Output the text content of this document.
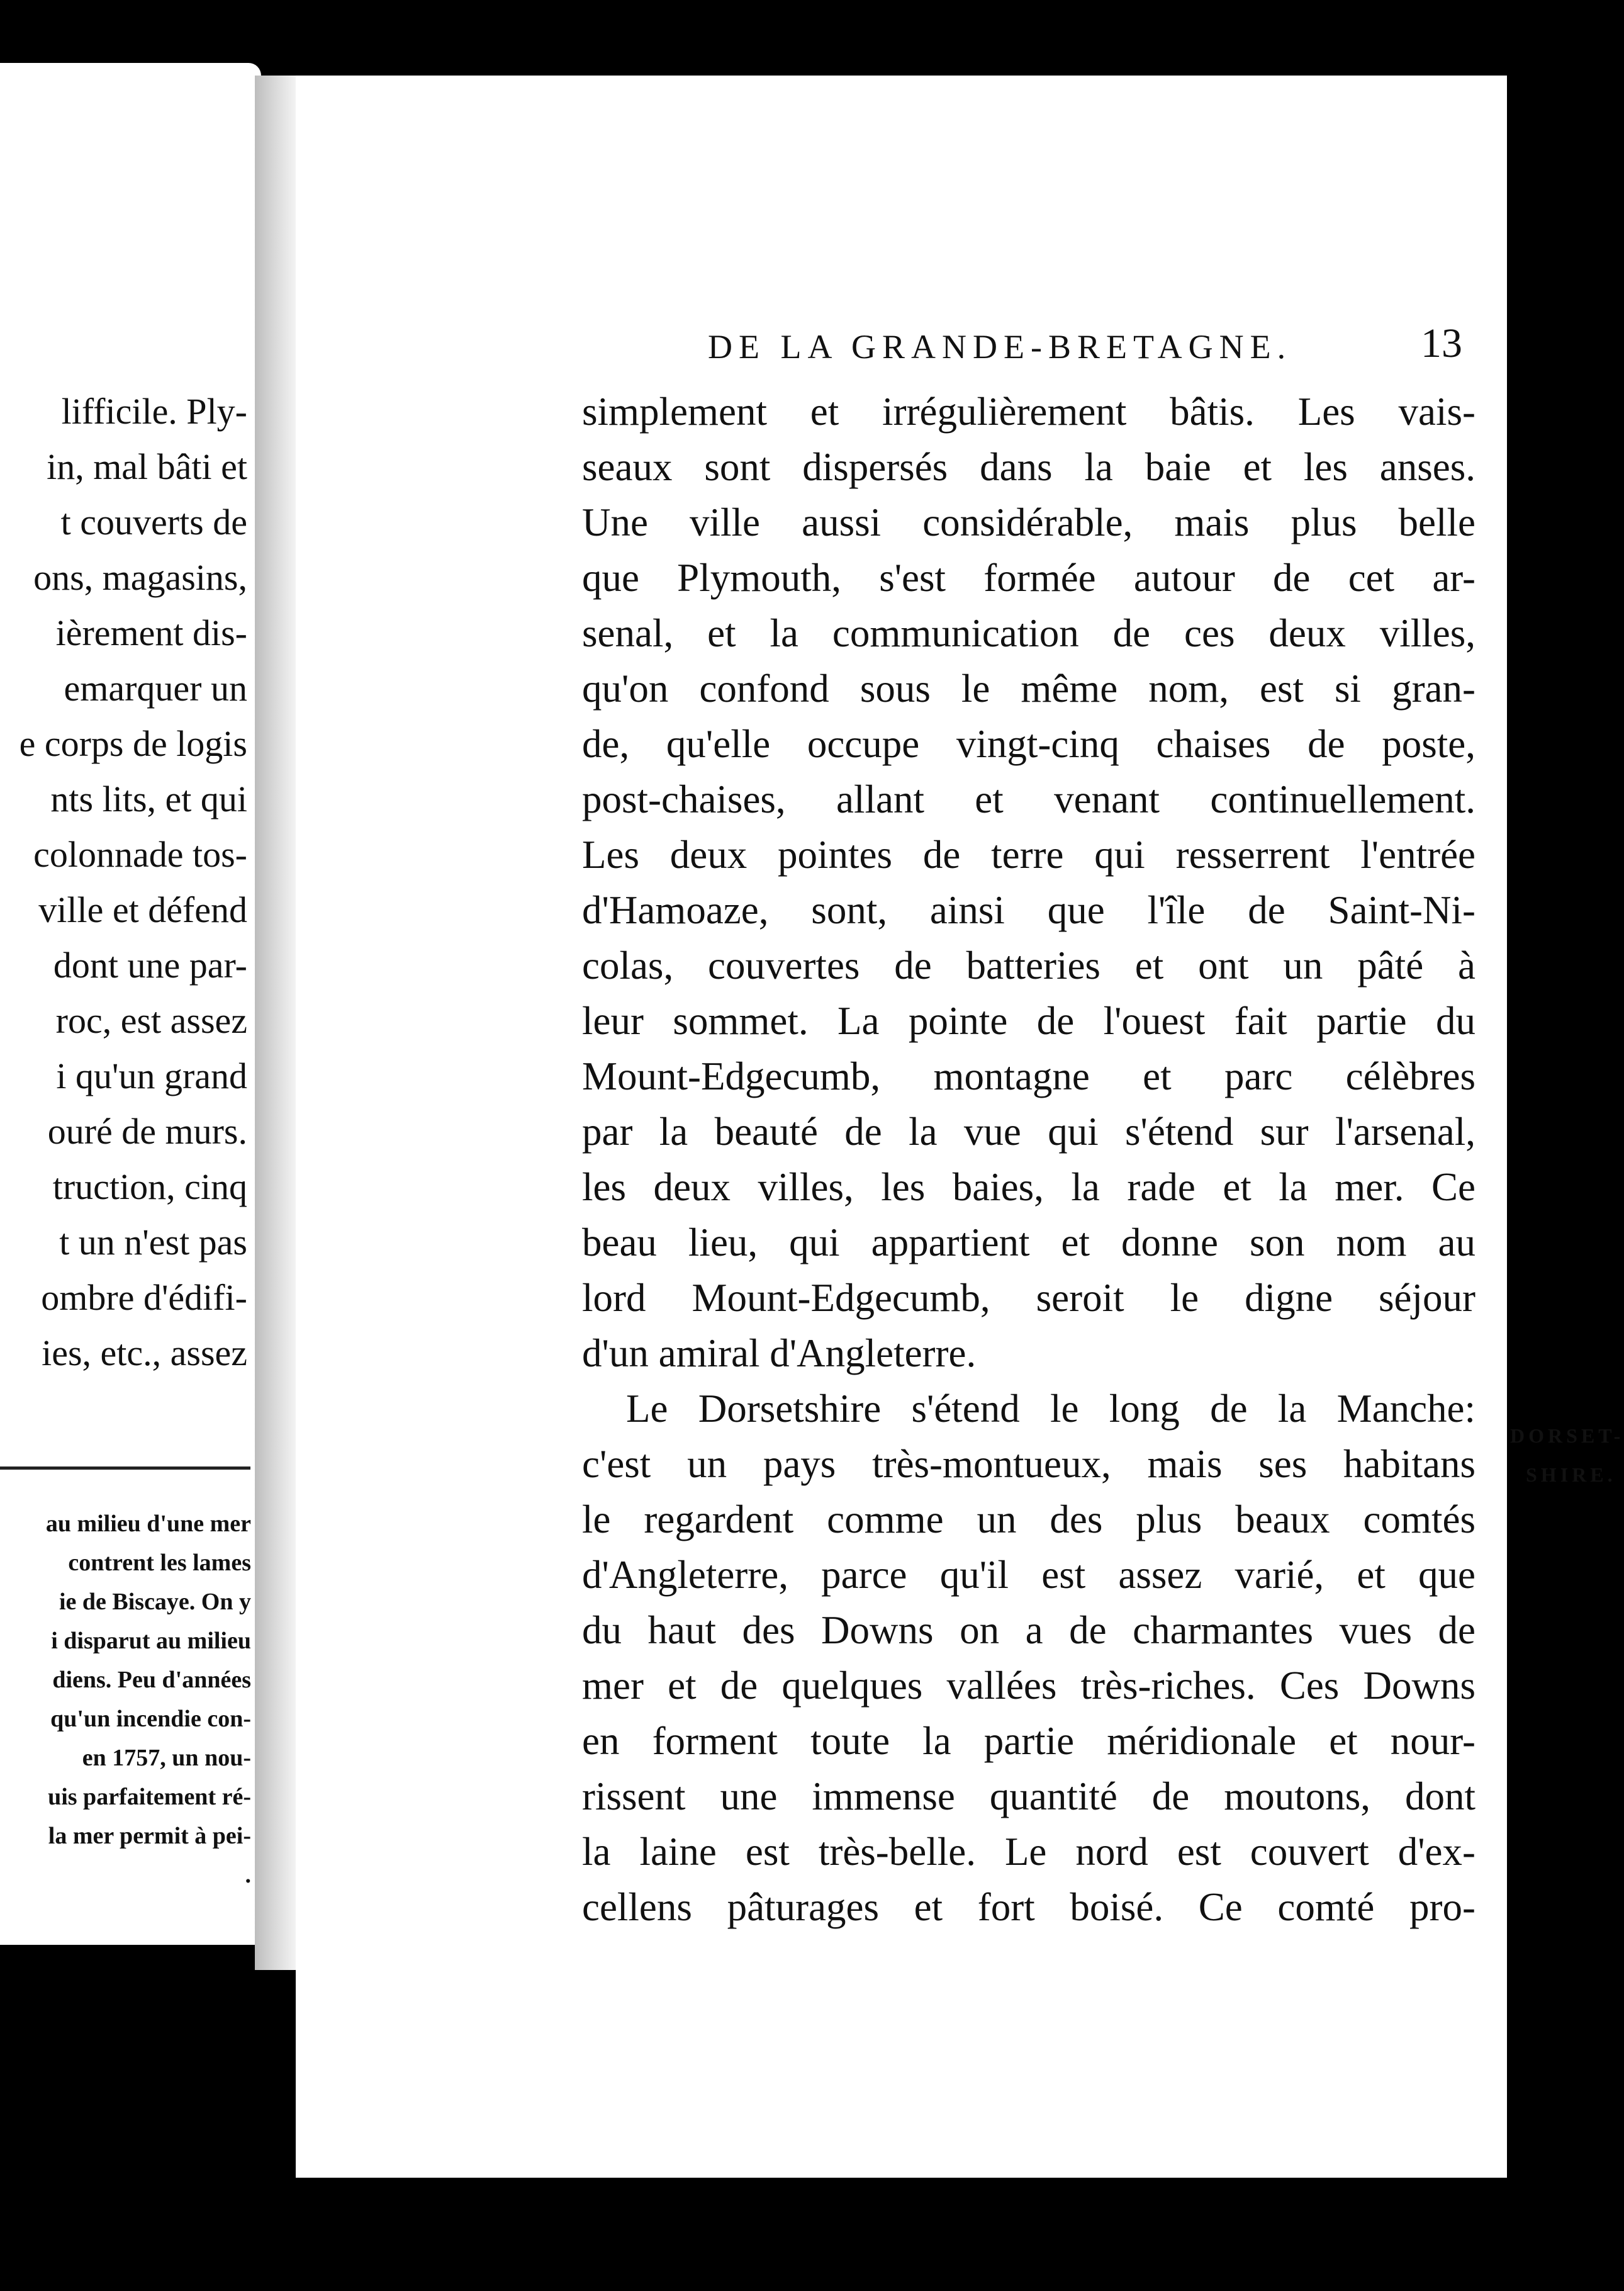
lifficile. Ply-
in, mal bâti et
t couverts de
ons, magasins,
ièrement dis-
emarquer un
e corps de logis
nts lits, et qui
colonnade tos-
ville et défend
dont une par-
roc, est assez
i qu'un grand
ouré de murs.
truction, cinq
t un n'est pas
ombre d'édifi-
ies, etc., assez
au milieu d'une mer
contrent les lames
ie de Biscaye. On y
i disparut au milieu
diens. Peu d'années
qu'un incendie con-
en 1757, un nou-
uis parfaitement ré-
la mer permit à pei-
.
DE LA GRANDE-BRETAGNE.	13
simplement et irrégulièrement bâtis. Les vais-
seaux sont dispersés dans la baie et les anses.
Une ville aussi considérable, mais plus belle
que Plymouth, s'est formée autour de cet ar-
senal, et la communication de ces deux villes,
qu'on confond sous le même nom, est si gran-
de, qu'elle occupe vingt-cinq chaises de poste,
post-chaises, allant et venant continuellement.
Les deux pointes de terre qui resserrent l'entrée
d'Hamoaze, sont, ainsi que l'île de Saint-Ni-
colas, couvertes de batteries et ont un pâté à
leur sommet. La pointe de l'ouest fait partie du
Mount-Edgecumb, montagne et parc célèbres
par la beauté de la vue qui s'étend sur l'arsenal,
les deux villes, les baies, la rade et la mer. Ce
beau lieu, qui appartient et donne son nom au
lord Mount-Edgecumb, seroit le digne séjour
d'un amiral d'Angleterre.
Le Dorsetshire s'étend le long de la Manche:
c'est un pays très-montueux, mais ses habitans
le regardent comme un des plus beaux comtés
d'Angleterre, parce qu'il est assez varié, et que
du haut des Downs on a de charmantes vues de
mer et de quelques vallées très-riches. Ces Downs
en forment toute la partie méridionale et nour-
rissent une immense quantité de moutons, dont
la laine est très-belle. Le nord est couvert d'ex-
cellens pâturages et fort boisé. Ce comté pro-
DORSET-
SHIRE.
